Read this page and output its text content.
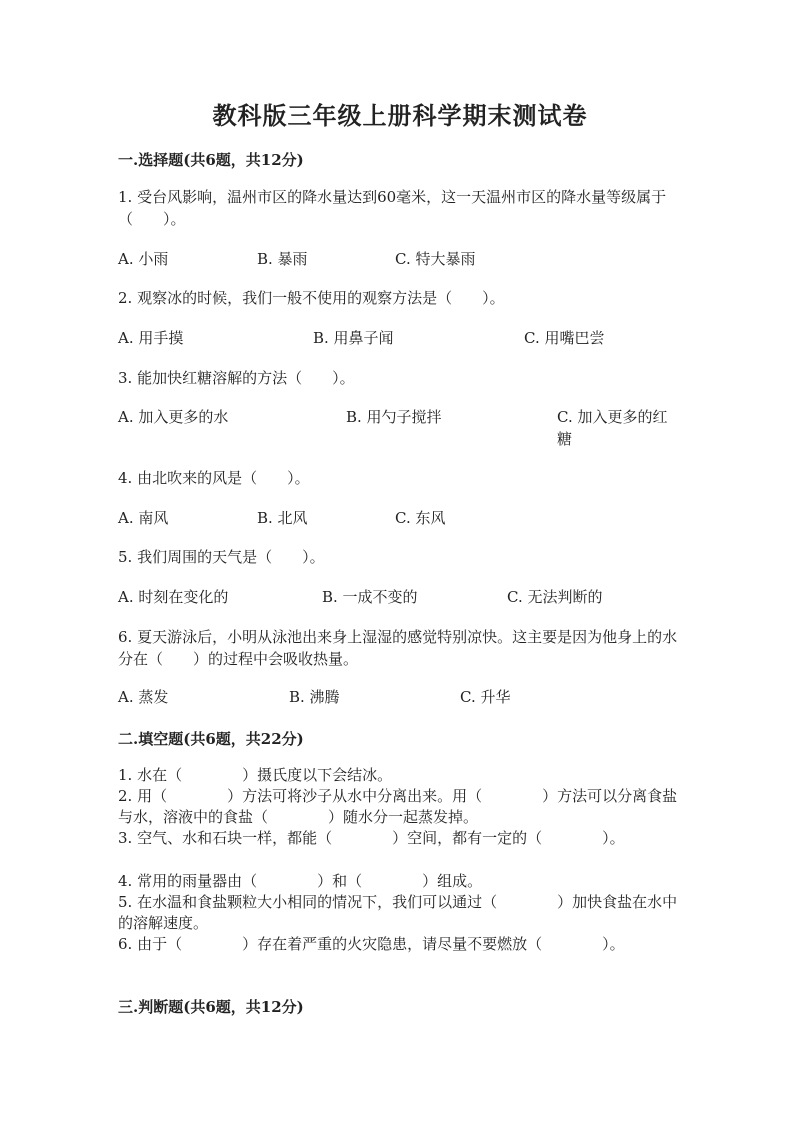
教科版三年级上册科学期末测试卷
一.选择题(共6题，共12分)
1. 受台风影响，温州市区的降水量达到60毫米，这一天温州市区的降水量等级属于（　　）。
A. 小雨	B. 暴雨	C. 特大暴雨
2. 观察冰的时候，我们一般不使用的观察方法是（　　）。
A. 用手摸	B. 用鼻子闻	C. 用嘴巴尝
3. 能加快红糖溶解的方法（　　）。
A. 加入更多的水	B. 用勺子搅拌	C. 加入更多的红糖
4. 由北吹来的风是（　　）。
A. 南风	B. 北风	C. 东风
5. 我们周围的天气是（　　）。
A. 时刻在变化的	B. 一成不变的	C. 无法判断的
6. 夏天游泳后，小明从泳池出来身上湿湿的感觉特别凉快。这主要是因为他身上的水分在（　　）的过程中会吸收热量。
A. 蒸发	B. 沸腾	C. 升华
二.填空题(共6题，共22分)
1. 水在（　　　　）摄氏度以下会结冰。
2. 用（　　　　）方法可将沙子从水中分离出来。用（　　　　）方法可以分离食盐与水，溶液中的食盐（　　　　）随水分一起蒸发掉。
3. 空气、水和石块一样，都能（　　　　）空间，都有一定的（　　　　）。
4. 常用的雨量器由（　　　　）和（　　　　）组成。
5. 在水温和食盐颗粒大小相同的情况下，我们可以通过（　　　　）加快食盐在水中的溶解速度。
6. 由于（　　　　）存在着严重的火灾隐患，请尽量不要燃放（　　　　）。
三.判断题(共6题，共12分)
